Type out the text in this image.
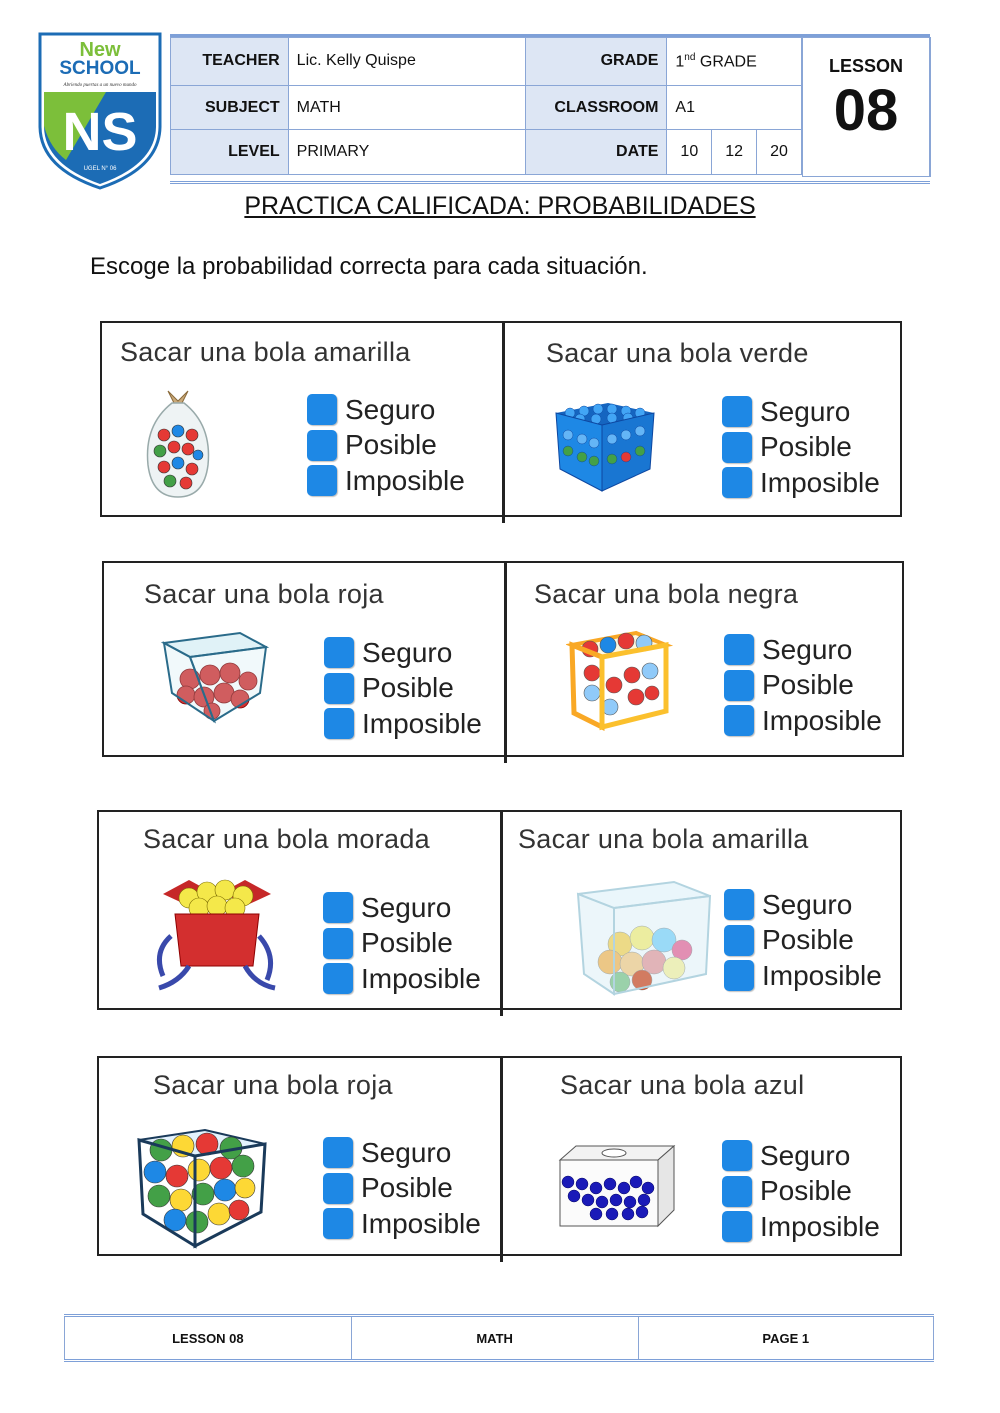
New
SCHOOL
Abriendo puertas a un nuevo mundo
NS
UGEL N° 06
TEACHER	Lic. Kelly Quispe	GRADE	1nd GRADE		
SUBJECT	MATH	CLASSROOM	A1		
LEVEL	PRIMARY	DATE	10	12	20
LESSON
08
PRACTICA CALIFICADA: PROBABILIDADES
Escoge la probabilidad correcta para cada situación.
Sacar una bola amarilla
Seguro
Posible
Imposible
Sacar una bola verde
Seguro
Posible
Imposible
Sacar una bola roja
Seguro
Posible
Imposible
Sacar una bola negra
Seguro
Posible
Imposible
Sacar una bola morada
Seguro
Posible
Imposible
Sacar una bola amarilla
Seguro
Posible
Imposible
Sacar una bola roja
Seguro
Posible
Imposible
Sacar una bola azul
Seguro
Posible
Imposible
LESSON 08	MATH	PAGE 1
